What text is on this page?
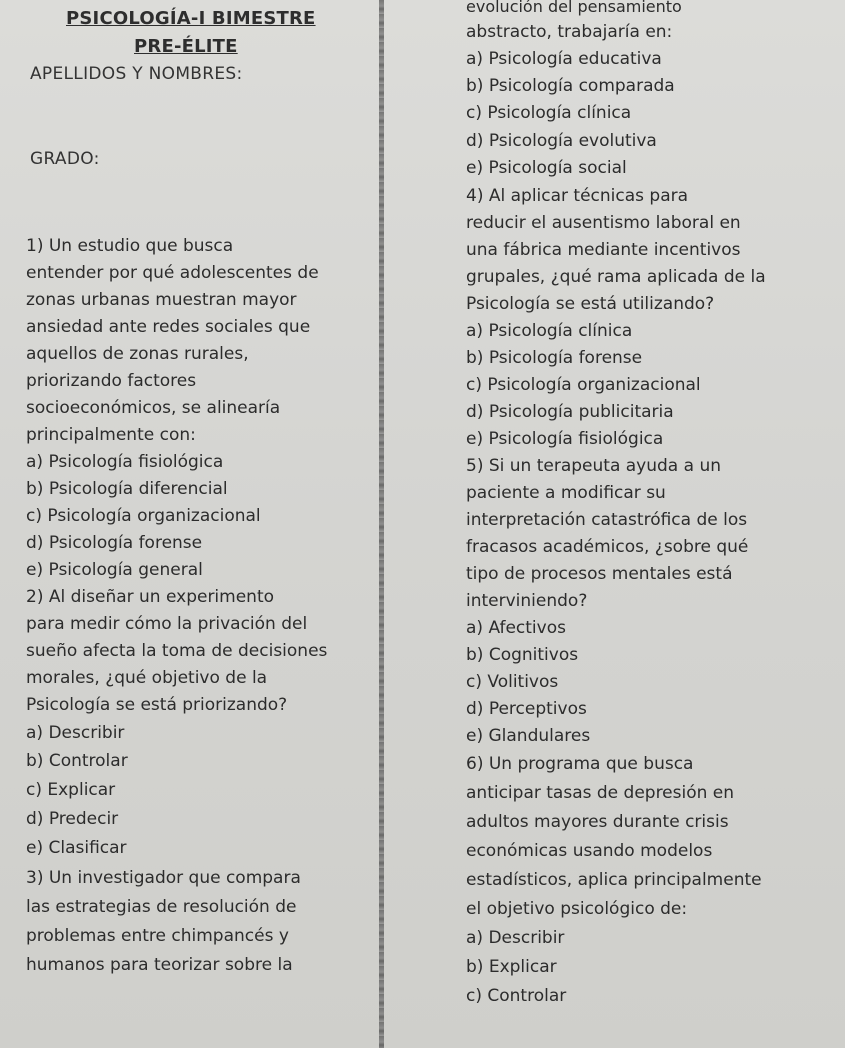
PSICOLOGÍA-I BIMESTRE
PRE-ÉLITE
APELLIDOS Y NOMBRES:
GRADO:
1) Un estudio que busca
entender por qué adolescentes de
zonas urbanas muestran mayor
ansiedad ante redes sociales que
aquellos de zonas rurales,
priorizando factores
socioeconómicos, se alinearía
principalmente con:
a) Psicología fisiológica
b) Psicología diferencial
c) Psicología organizacional
d) Psicología forense
e) Psicología general
2) Al diseñar un experimento
para medir cómo la privación del
sueño afecta la toma de decisiones
morales, ¿qué objetivo de la
Psicología se está priorizando?
a) Describir
b) Controlar
c) Explicar
d) Predecir
e) Clasificar
3) Un investigador que compara
las estrategias de resolución de
problemas entre chimpancés y
humanos para teorizar sobre la
evolución del pensamiento
abstracto, trabajaría en:
a) Psicología educativa
b) Psicología comparada
c) Psicología clínica
d) Psicología evolutiva
e) Psicología social
4) Al aplicar técnicas para
reducir el ausentismo laboral en
una fábrica mediante incentivos
grupales, ¿qué rama aplicada de la
Psicología se está utilizando?
a) Psicología clínica
b) Psicología forense
c) Psicología organizacional
d) Psicología publicitaria
e) Psicología fisiológica
5) Si un terapeuta ayuda a un
paciente a modificar su
interpretación catastrófica de los
fracasos académicos, ¿sobre qué
tipo de procesos mentales está
interviniendo?
a) Afectivos
b) Cognitivos
c) Volitivos
d) Perceptivos
e) Glandulares
6) Un programa que busca
anticipar tasas de depresión en
adultos mayores durante crisis
económicas usando modelos
estadísticos, aplica principalmente
el objetivo psicológico de:
a) Describir
b) Explicar
c) Controlar
